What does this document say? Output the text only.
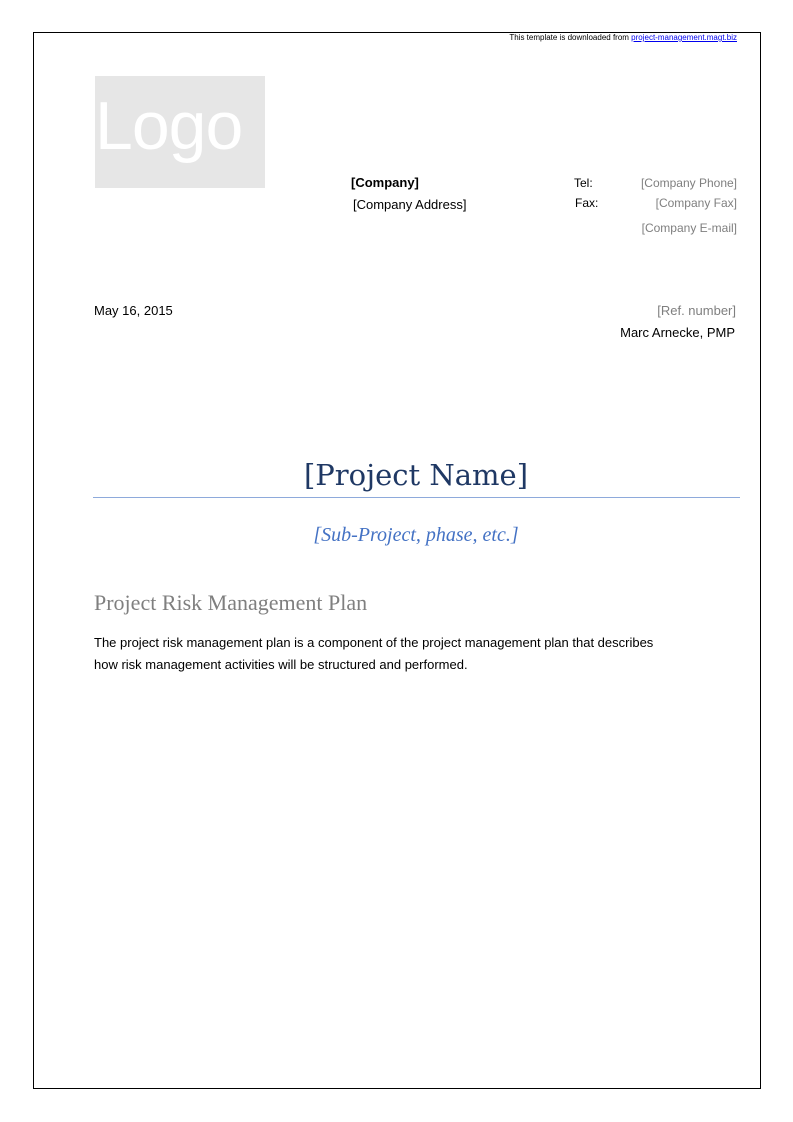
This template is downloaded from project-management.magt.biz
Logo
[Company]
[Company Address]
Tel:	[Company Phone]
Fax:	[Company Fax]
[Company E-mail]
May 16, 2015	[Ref. number]
Marc Arnecke, PMP
[Project Name]
[Sub-Project, phase, etc.]
Project Risk Management Plan
The project risk management plan is a component of the project management plan that describes
how risk management activities will be structured and performed.
